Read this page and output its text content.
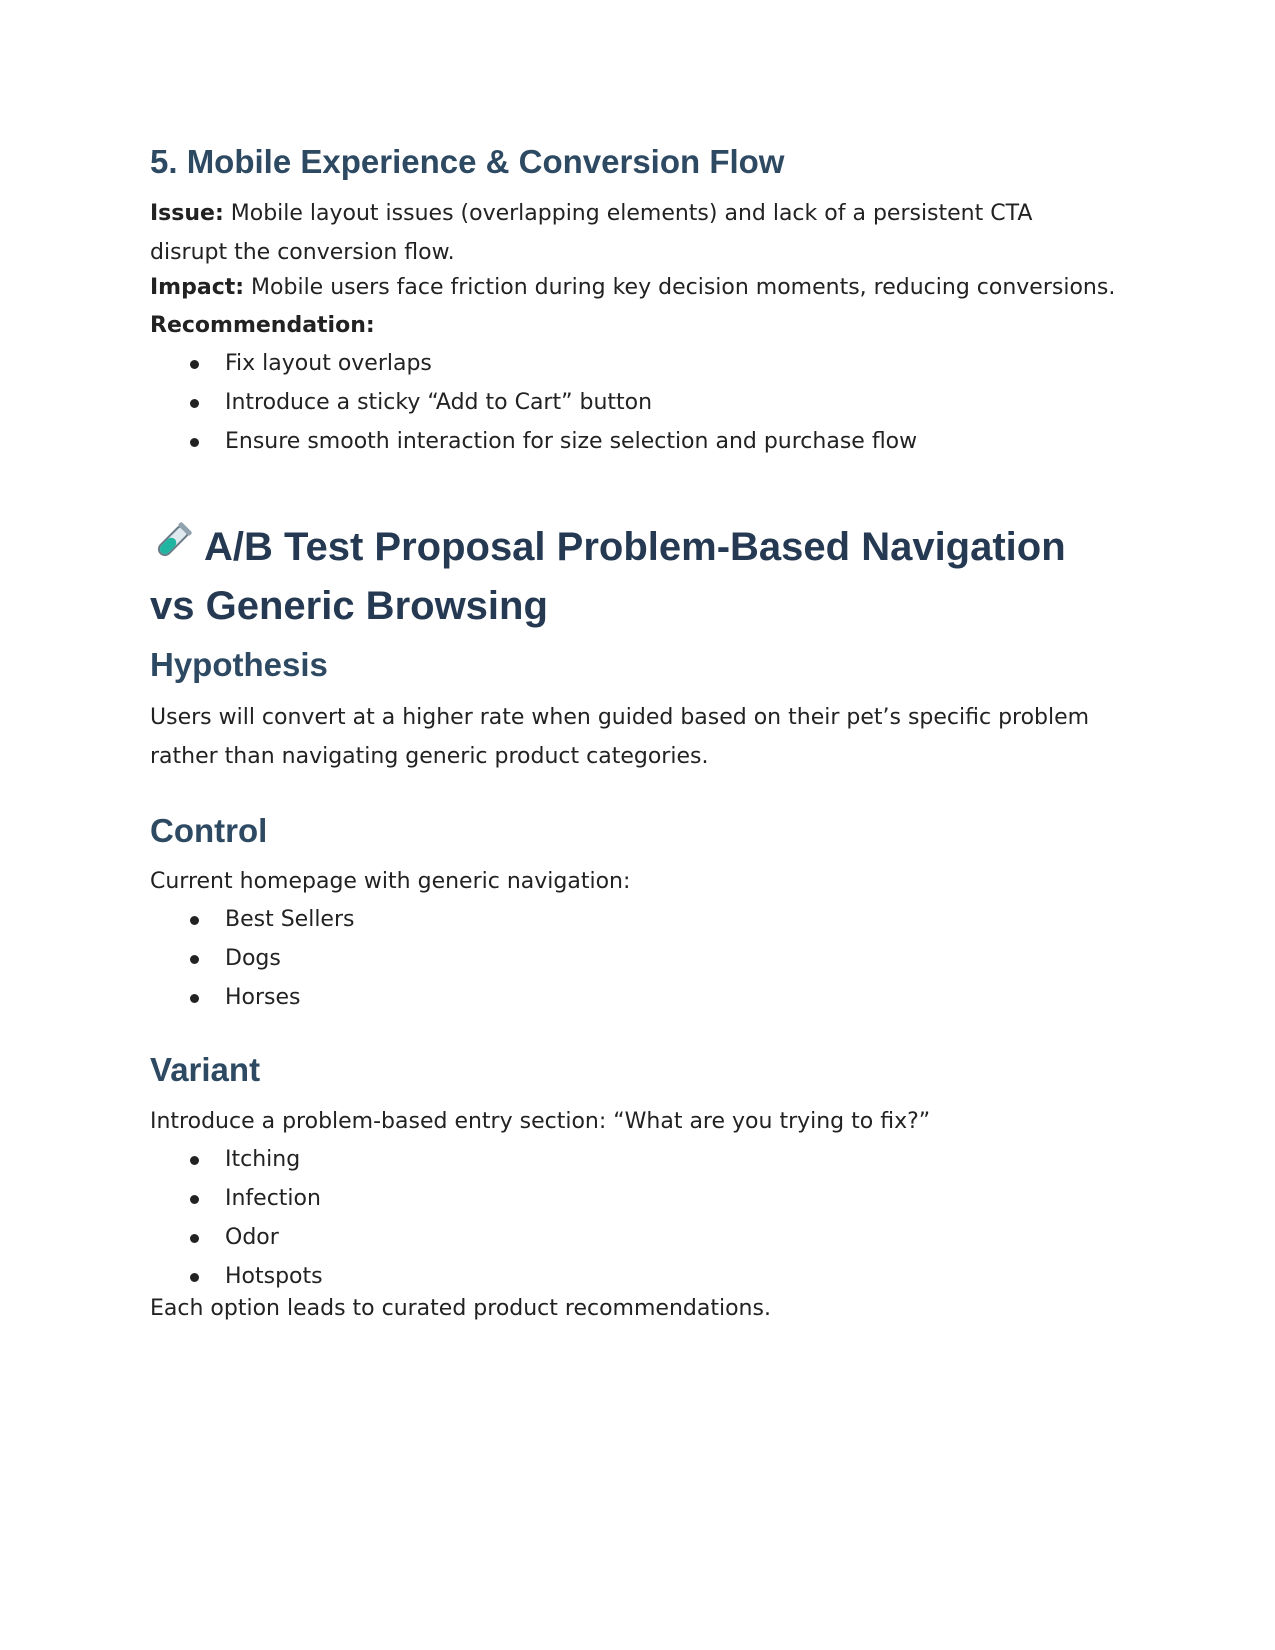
5. Mobile Experience & Conversion Flow

Issue: Mobile layout issues (overlapping elements) and lack of a persistent CTA disrupt the conversion flow.

Impact: Mobile users face friction during key decision moments, reducing conversions.

Recommendation:

Fix layout overlaps
Introduce a sticky “Add to Cart” button
Ensure smooth interaction for size selection and purchase flow
A/B Test Proposal Problem-Based Navigation vs Generic Browsing
Hypothesis

Users will convert at a higher rate when guided based on their pet’s specific problem rather than navigating generic product categories.

Control

Current homepage with generic navigation:

Best Sellers
Dogs
Horses
Variant

Introduce a problem-based entry section: “What are you trying to fix?”

Itching
Infection
Odor
Hotspots

Each option leads to curated product recommendations.
